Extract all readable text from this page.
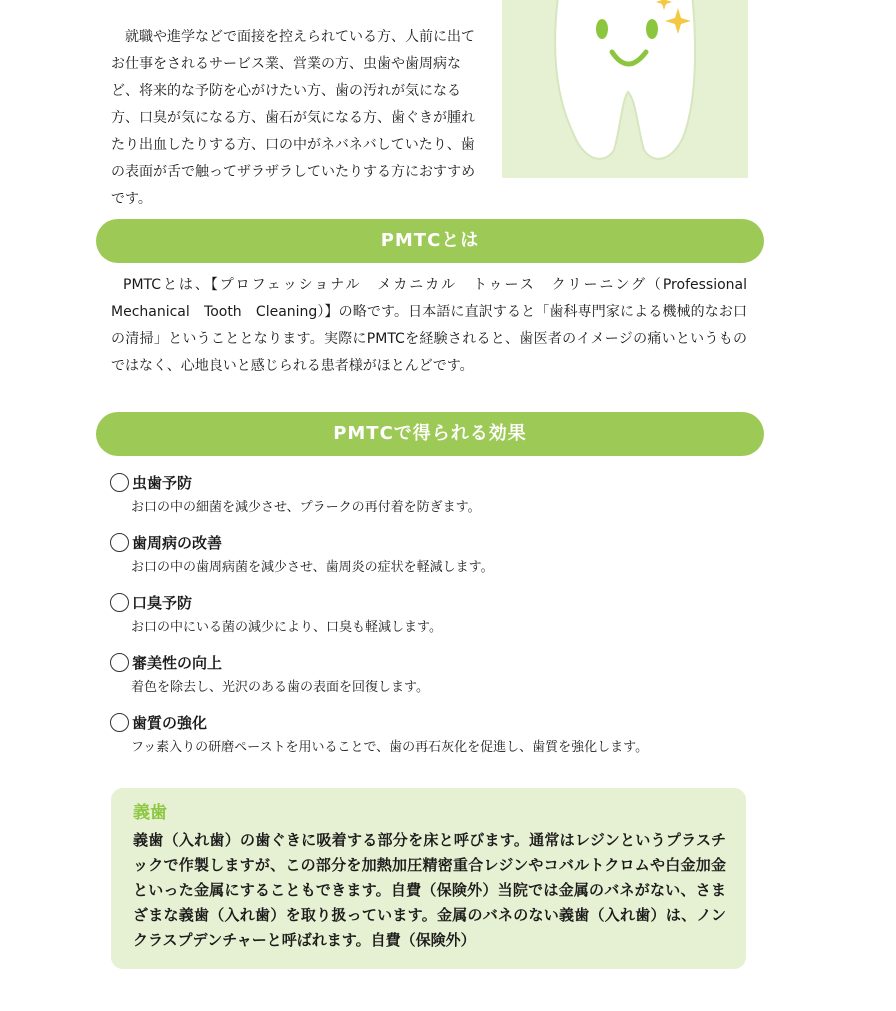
就職や進学などで面接を控えられている方、人前に出てお仕事をされるサービス業、営業の方、虫歯や歯周病など、将来的な予防を心がけたい方、歯の汚れが気になる方、口臭が気になる方、歯石が気になる方、歯ぐきが腫れたり出血したりする方、口の中がネバネバしていたり、歯の表面が舌で触ってザラザラしていたりする方におすすめです。

PMTCとは

PMTCとは、【プロフェッショナル　メカニカル　トゥース　クリーニング（Professional　Mechanical　Tooth　Cleaning）】の略です。日本語に直訳すると「歯科専門家による機械的なお口の清掃」ということとなります。実際にPMTCを経験されると、歯医者のイメージの痛いというものではなく、心地良いと感じられる患者様がほとんどです。

PMTCで得られる効果
虫歯予防
お口の中の細菌を減少させ、プラークの再付着を防ぎます。
歯周病の改善
お口の中の歯周病菌を減少させ、歯周炎の症状を軽減します。
口臭予防
お口の中にいる菌の減少により、口臭も軽減します。
審美性の向上
着色を除去し、光沢のある歯の表面を回復します。
歯質の強化
フッ素入りの研磨ペーストを用いることで、歯の再石灰化を促進し、歯質を強化します。
義歯

義歯（入れ歯）の歯ぐきに吸着する部分を床と呼びます。通常はレジンというプラスチックで作製しますが、この部分を加熱加圧精密重合レジンやコバルトクロムや白金加金といった金属にすることもできます。自費（保険外）当院では金属のバネがない、さまざまな義歯（入れ歯）を取り扱っています。金属のバネのない義歯（入れ歯）は、ノンクラスプデンチャーと呼ばれます。自費（保険外）
